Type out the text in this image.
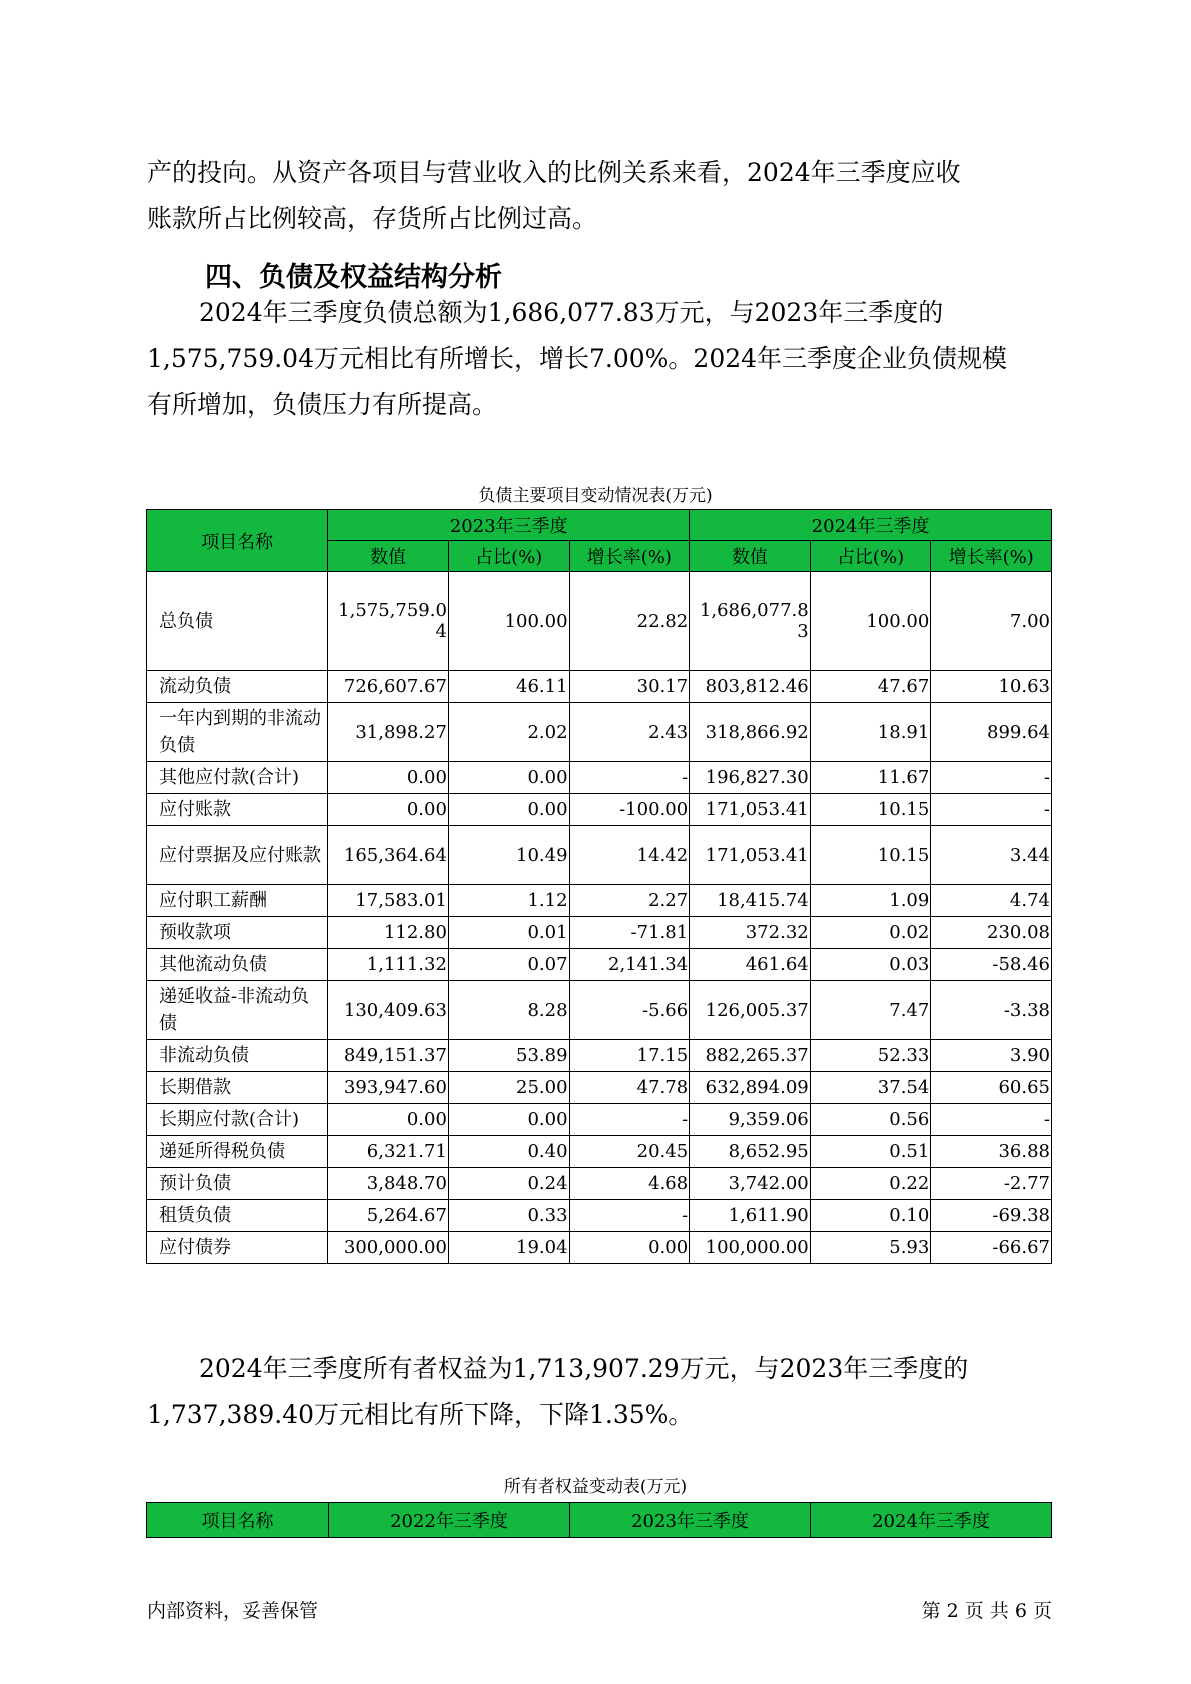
产的投向。从资产各项目与营业收入的比例关系来看，2024年三季度应收
账款所占比例较高，存货所占比例过高。
四、负债及权益结构分析
2024年三季度负债总额为1,686,077.83万元，与2023年三季度的
1,575,759.04万元相比有所增长，增长7.00%。2024年三季度企业负债规模
有所增加，负债压力有所提高。

负债主要项目变动情况表(万元)

项目名称	2023年三季度			2024年三季度		
	数值	占比(%)	增长率(%)	数值	占比(%)	增长率(%)
总负债	1,575,759.04	100.00	22.82	1,686,077.83	100.00	7.00
流动负债	726,607.67	46.11	30.17	803,812.46	47.67	10.63
一年内到期的非流动负债	31,898.27	2.02	2.43	318,866.92	18.91	899.64
其他应付款(合计)	0.00	0.00	-	196,827.30	11.67	-
应付账款	0.00	0.00	-100.00	171,053.41	10.15	-
应付票据及应付账款	165,364.64	10.49	14.42	171,053.41	10.15	3.44
应付职工薪酬	17,583.01	1.12	2.27	18,415.74	1.09	4.74
预收款项	112.80	0.01	-71.81	372.32	0.02	230.08
其他流动负债	1,111.32	0.07	2,141.34	461.64	0.03	-58.46
递延收益-非流动负债	130,409.63	8.28	-5.66	126,005.37	7.47	-3.38
非流动负债	849,151.37	53.89	17.15	882,265.37	52.33	3.90
长期借款	393,947.60	25.00	47.78	632,894.09	37.54	60.65
长期应付款(合计)	0.00	0.00	-	9,359.06	0.56	-
递延所得税负债	6,321.71	0.40	20.45	8,652.95	0.51	36.88
预计负债	3,848.70	0.24	4.68	3,742.00	0.22	-2.77
租赁负债	5,264.67	0.33	-	1,611.90	0.10	-69.38
应付债券	300,000.00	19.04	0.00	100,000.00	5.93	-66.67
2024年三季度所有者权益为1,713,907.29万元，与2023年三季度的
1,737,389.40万元相比有所下降，下降1.35%。

所有者权益变动表(万元)

项目名称	2022年三季度	2023年三季度	2024年三季度

内部资料，妥善保管	第 2 页 共 6 页
